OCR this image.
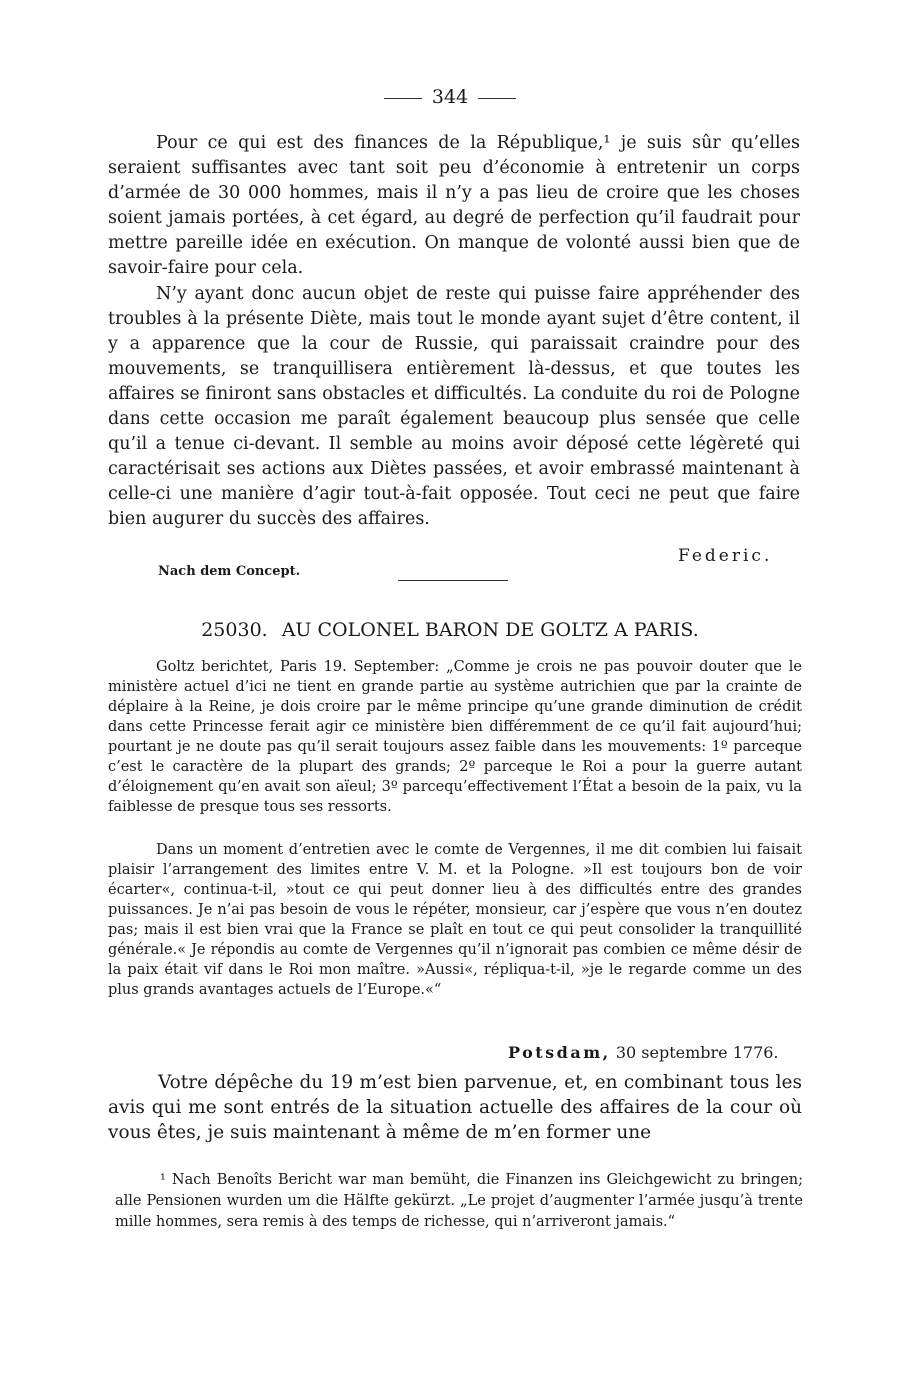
344

Pour ce qui est des finances de la République,¹ je suis sûr qu’elles seraient suffisantes avec tant soit peu d’économie à entretenir un corps d’armée de 30 000 hommes, mais il n’y a pas lieu de croire que les choses soient jamais portées, à cet égard, au degré de perfection qu’il faudrait pour mettre pareille idée en exécution. On manque de volonté aussi bien que de savoir-faire pour cela.

N’y ayant donc aucun objet de reste qui puisse faire appréhender des troubles à la présente Diète, mais tout le monde ayant sujet d’être content, il y a apparence que la cour de Russie, qui paraissait craindre pour des mouvements, se tranquillisera entièrement là-dessus, et que toutes les affaires se finiront sans obstacles et difficultés. La conduite du roi de Pologne dans cette occasion me paraît également beaucoup plus sensée que celle qu’il a tenue ci-devant. Il semble au moins avoir déposé cette légèreté qui caractérisait ses actions aux Diètes passées, et avoir embrassé maintenant à celle-ci une manière d’agir tout-à-fait opposée. Tout ceci ne peut que faire bien augurer du succès des affaires.

Federic.
Nach dem Concept.
25030. AU COLONEL BARON DE GOLTZ A PARIS.

Goltz berichtet, Paris 19. September: „Comme je crois ne pas pouvoir douter que le ministère actuel d’ici ne tient en grande partie au système autrichien que par la crainte de déplaire à la Reine, je dois croire par le même principe qu’une grande diminution de crédit dans cette Princesse ferait agir ce ministère bien différemment de ce qu’il fait aujourd’hui; pourtant je ne doute pas qu’il serait toujours assez faible dans les mouvements: 1º parceque c’est le caractère de la plupart des grands; 2º parceque le Roi a pour la guerre autant d’éloignement qu’en avait son aïeul; 3º parcequ’effectivement l’État a besoin de la paix, vu la faiblesse de presque tous ses ressorts.

Dans un moment d’entretien avec le comte de Vergennes, il me dit combien lui faisait plaisir l’arrangement des limites entre V. M. et la Pologne. »Il est toujours bon de voir écarter«, continua-t-il, »tout ce qui peut donner lieu à des difficultés entre des grandes puissances. Je n’ai pas besoin de vous le répéter, monsieur, car j’espère que vous n’en doutez pas; mais il est bien vrai que la France se plaît en tout ce qui peut consolider la tranquillité générale.« Je répondis au comte de Vergennes qu’il n’ignorait pas combien ce même désir de la paix était vif dans le Roi mon maître. »Aussi«, répliqua-t-il, »je le regarde comme un des plus grands avantages actuels de l’Europe.«“

Potsdam, 30 septembre 1776.

Votre dépêche du 19 m’est bien parvenue, et, en combinant tous les avis qui me sont entrés de la situation actuelle des affaires de la cour où vous êtes, je suis maintenant à même de m’en former une

¹ Nach Benoîts Bericht war man bemüht, die Finanzen ins Gleichgewicht zu bringen; alle Pensionen wurden um die Hälfte gekürzt. „Le projet d’augmenter l’armée jusqu’à trente mille hommes, sera remis à des temps de richesse, qui n’arriveront jamais.“
